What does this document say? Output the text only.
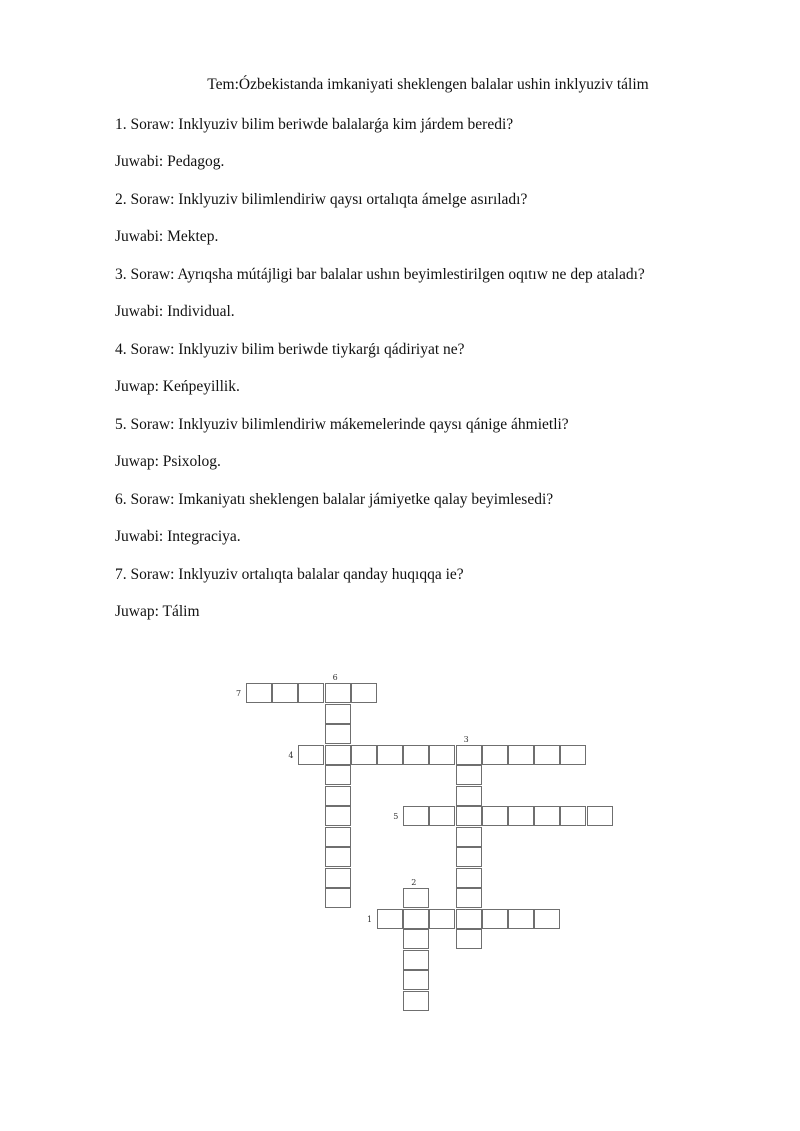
Tem:Ózbekistanda imkaniyati sheklengen balalar ushin inklyuziv tálim
1. Soraw: Inklyuziv bilim beriwde balalarǵa kim járdem beredi?
Juwabi: Pedagog.
2. Soraw: Inklyuziv bilimlendiriw qaysı ortalıqta ámelge asırıladı?
Juwabi: Mektep.
3. Soraw: Ayrıqsha mútájligi bar balalar ushın beyimlestirilgen oqıtıw ne dep ataladı?
Juwabi: Individual.
4. Soraw: Inklyuziv bilim beriwde tiykarǵı qádiriyat ne?
Juwap: Keńpeyillik.
5. Soraw: Inklyuziv bilimlendiriw mákemelerinde qaysı qánige áhmietli?
Juwap: Psixolog.
6. Soraw: Imkaniyatı sheklengen balalar jámiyetke qalay beyimlesedi?
Juwabi: Integraciya.
7. Soraw: Inklyuziv ortalıqta balalar qanday huqıqqa ie?
Juwap: Tálim
1
2
3
4
5
6
7
